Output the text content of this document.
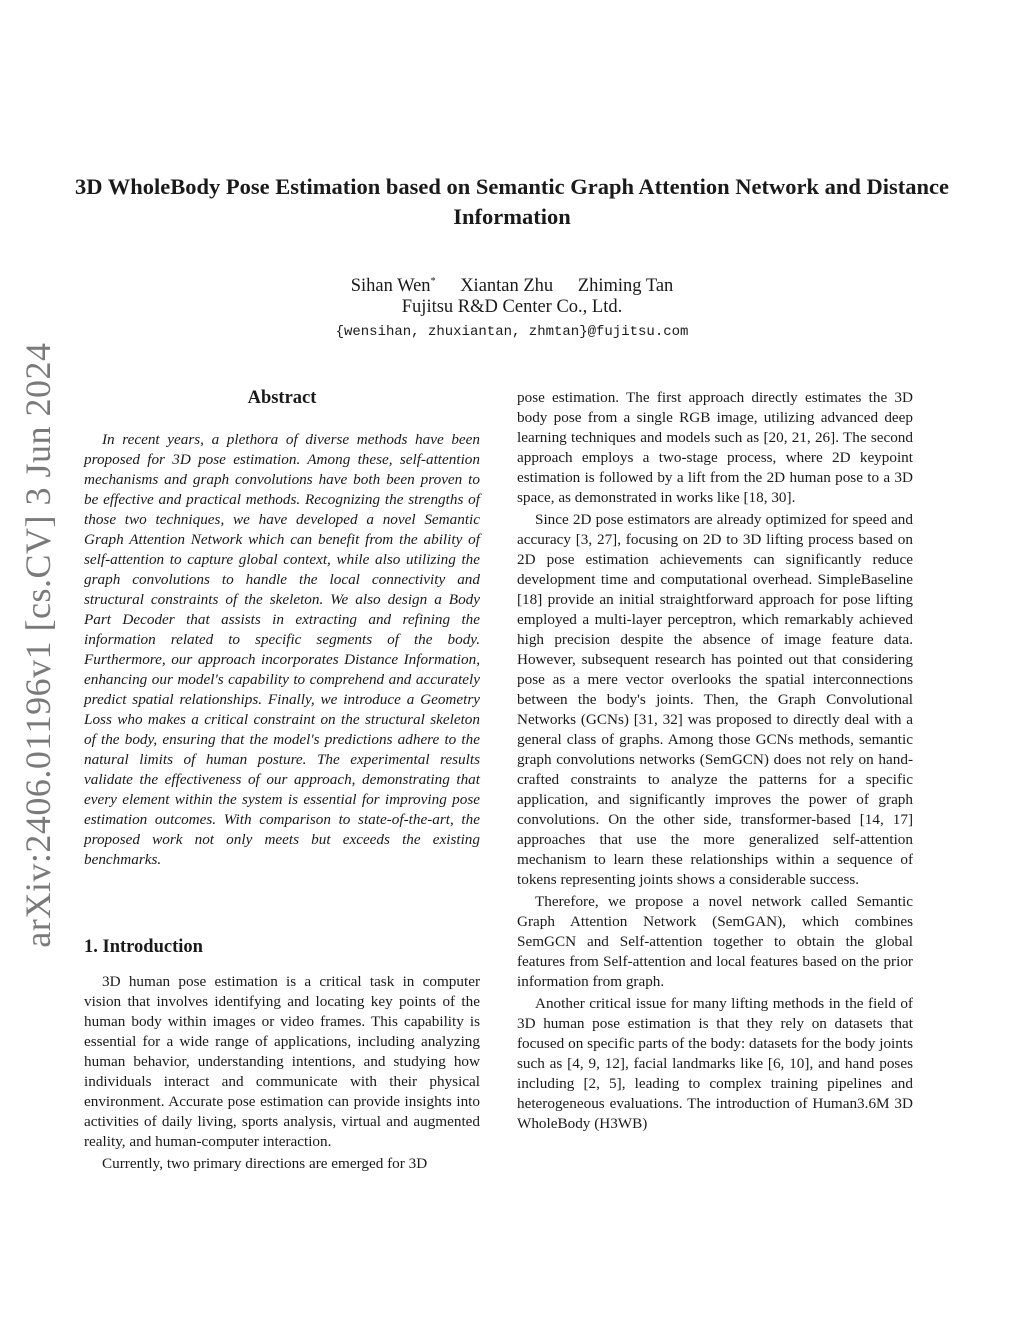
arXiv:2406.01196v1 [cs.CV] 3 Jun 2024
3D WholeBody Pose Estimation based on Semantic Graph Attention Network and Distance Information
Sihan Wen* Xiantan Zhu Zhiming Tan
Fujitsu R&D Center Co., Ltd.
{wensihan, zhuxiantan, zhmtan}@fujitsu.com
Abstract

In recent years, a plethora of diverse methods have been proposed for 3D pose estimation. Among these, self-attention mechanisms and graph convolutions have both been proven to be effective and practical methods. Recognizing the strengths of those two techniques, we have developed a novel Semantic Graph Attention Network which can benefit from the ability of self-attention to capture global context, while also utilizing the graph convolutions to handle the local connectivity and structural constraints of the skeleton. We also design a Body Part Decoder that assists in extracting and refining the information related to specific segments of the body. Furthermore, our approach incorporates Distance Information, enhancing our model's capability to comprehend and accurately predict spatial relationships. Finally, we introduce a Geometry Loss who makes a critical constraint on the structural skeleton of the body, ensuring that the model's predictions adhere to the natural limits of human posture. The experimental results validate the effectiveness of our approach, demonstrating that every element within the system is essential for improving pose estimation outcomes. With comparison to state-of-the-art, the proposed work not only meets but exceeds the existing benchmarks.

1. Introduction

3D human pose estimation is a critical task in computer vision that involves identifying and locating key points of the human body within images or video frames. This capability is essential for a wide range of applications, including analyzing human behavior, understanding intentions, and studying how individuals interact and communicate with their physical environment. Accurate pose estimation can provide insights into activities of daily living, sports analysis, virtual and augmented reality, and human-computer interaction.

Currently, two primary directions are emerged for 3D

pose estimation. The first approach directly estimates the 3D body pose from a single RGB image, utilizing advanced deep learning techniques and models such as [20, 21, 26]. The second approach employs a two-stage process, where 2D keypoint estimation is followed by a lift from the 2D human pose to a 3D space, as demonstrated in works like [18, 30].

Since 2D pose estimators are already optimized for speed and accuracy [3, 27], focusing on 2D to 3D lifting process based on 2D pose estimation achievements can significantly reduce development time and computational overhead. SimpleBaseline [18] provide an initial straightforward approach for pose lifting employed a multi-layer perceptron, which remarkably achieved high precision despite the absence of image feature data. However, subsequent research has pointed out that considering pose as a mere vector overlooks the spatial interconnections between the body's joints. Then, the Graph Convolutional Networks (GCNs) [31, 32] was proposed to directly deal with a general class of graphs. Among those GCNs methods, semantic graph convolutions networks (SemGCN) does not rely on hand-crafted constraints to analyze the patterns for a specific application, and significantly improves the power of graph convolutions. On the other side, transformer-based [14, 17] approaches that use the more generalized self-attention mechanism to learn these relationships within a sequence of tokens representing joints shows a considerable success.

Therefore, we propose a novel network called Semantic Graph Attention Network (SemGAN), which combines SemGCN and Self-attention together to obtain the global features from Self-attention and local features based on the prior information from graph.

Another critical issue for many lifting methods in the field of 3D human pose estimation is that they rely on datasets that focused on specific parts of the body: datasets for the body joints such as [4, 9, 12], facial landmarks like [6, 10], and hand poses including [2, 5], leading to complex training pipelines and heterogeneous evaluations. The introduction of Human3.6M 3D WholeBody (H3WB)
